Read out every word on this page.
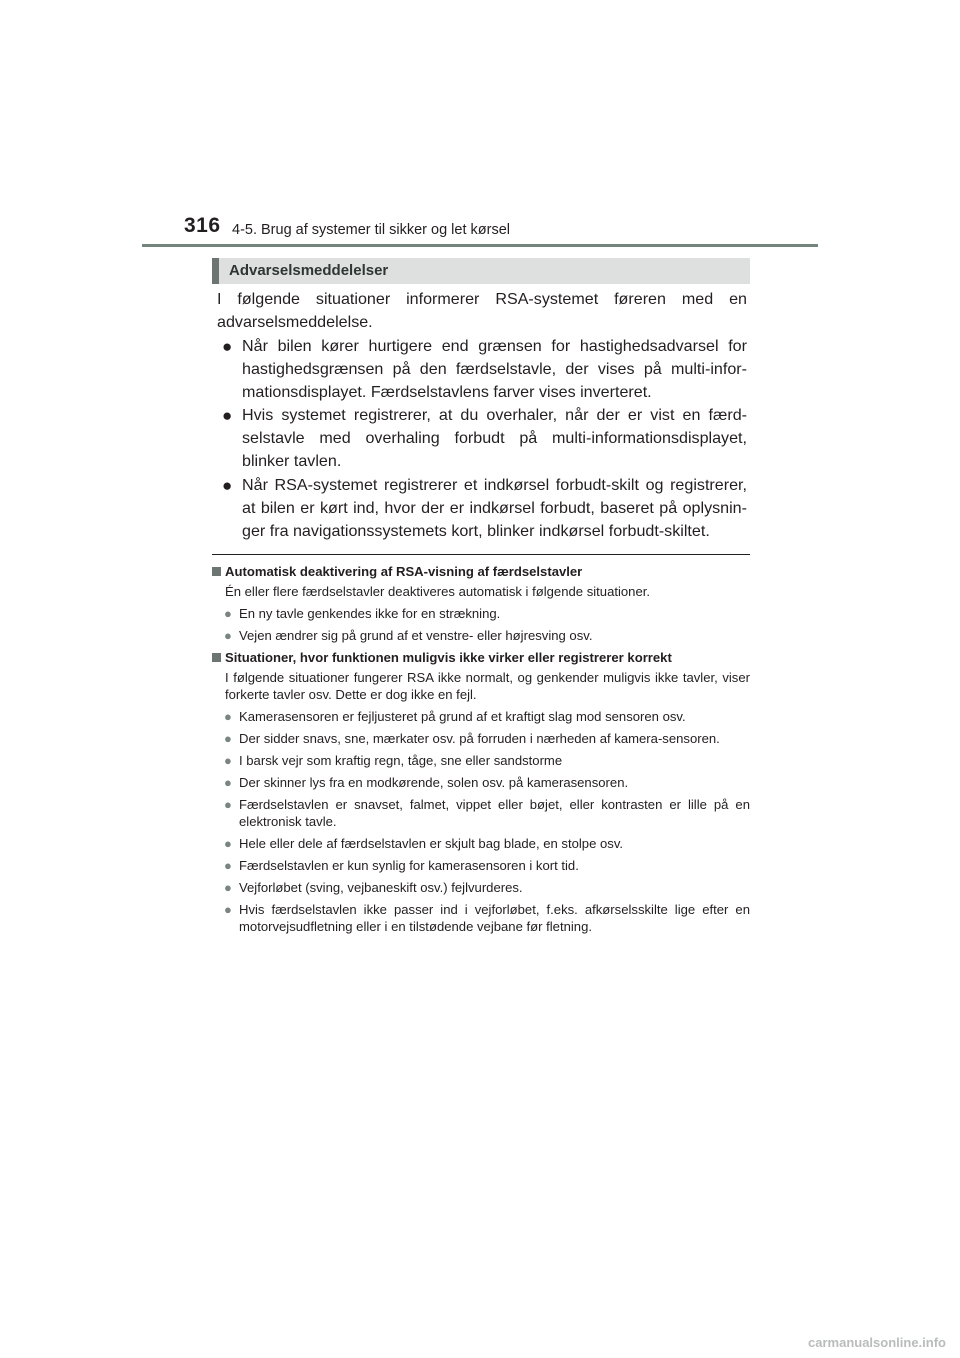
316 4-5. Brug af systemer til sikker og let kørsel
Advarselsmeddelelser

I følgende situationer informerer RSA-systemet føreren med en advarselsmeddelelse.

● Når bilen kører hurtigere end grænsen for hastighedsadvarsel for hastighedsgrænsen på den færdselstavle, der vises på multi-infor-mationsdisplayet. Færdselstavlens farver vises inverteret.
● Hvis systemet registrerer, at du overhaler, når der er vist en færd-selstavle med overhaling forbudt på multi-informationsdisplayet, blinker tavlen.
● Når RSA-systemet registrerer et indkørsel forbudt-skilt og registrerer, at bilen er kørt ind, hvor der er indkørsel forbudt, baseret på oplysnin-ger fra navigationssystemets kort, blinker indkørsel forbudt-skiltet.

Automatisk deaktivering af RSA-visning af færdselstavler

Én eller flere færdselstavler deaktiveres automatisk i følgende situationer.

● En ny tavle genkendes ikke for en strækning.
● Vejen ændrer sig på grund af et venstre- eller højresving osv.

Situationer, hvor funktionen muligvis ikke virker eller registrerer korrekt

I følgende situationer fungerer RSA ikke normalt, og genkender muligvis ikke tavler, viser forkerte tavler osv. Dette er dog ikke en fejl.

● Kamerasensoren er fejljusteret på grund af et kraftigt slag mod sensoren osv.
● Der sidder snavs, sne, mærkater osv. på forruden i nærheden af kamera-sensoren.
● I barsk vejr som kraftig regn, tåge, sne eller sandstorme
● Der skinner lys fra en modkørende, solen osv. på kamerasensoren.
● Færdselstavlen er snavset, falmet, vippet eller bøjet, eller kontrasten er lille på en elektronisk tavle.
● Hele eller dele af færdselstavlen er skjult bag blade, en stolpe osv.
● Færdselstavlen er kun synlig for kamerasensoren i kort tid.
● Vejforløbet (sving, vejbaneskift osv.) fejlvurderes.
● Hvis færdselstavlen ikke passer ind i vejforløbet, f.eks. afkørselsskilte lige efter en motorvejsudfletning eller i en tilstødende vejbane før fletning.
carmanualsonline.info
